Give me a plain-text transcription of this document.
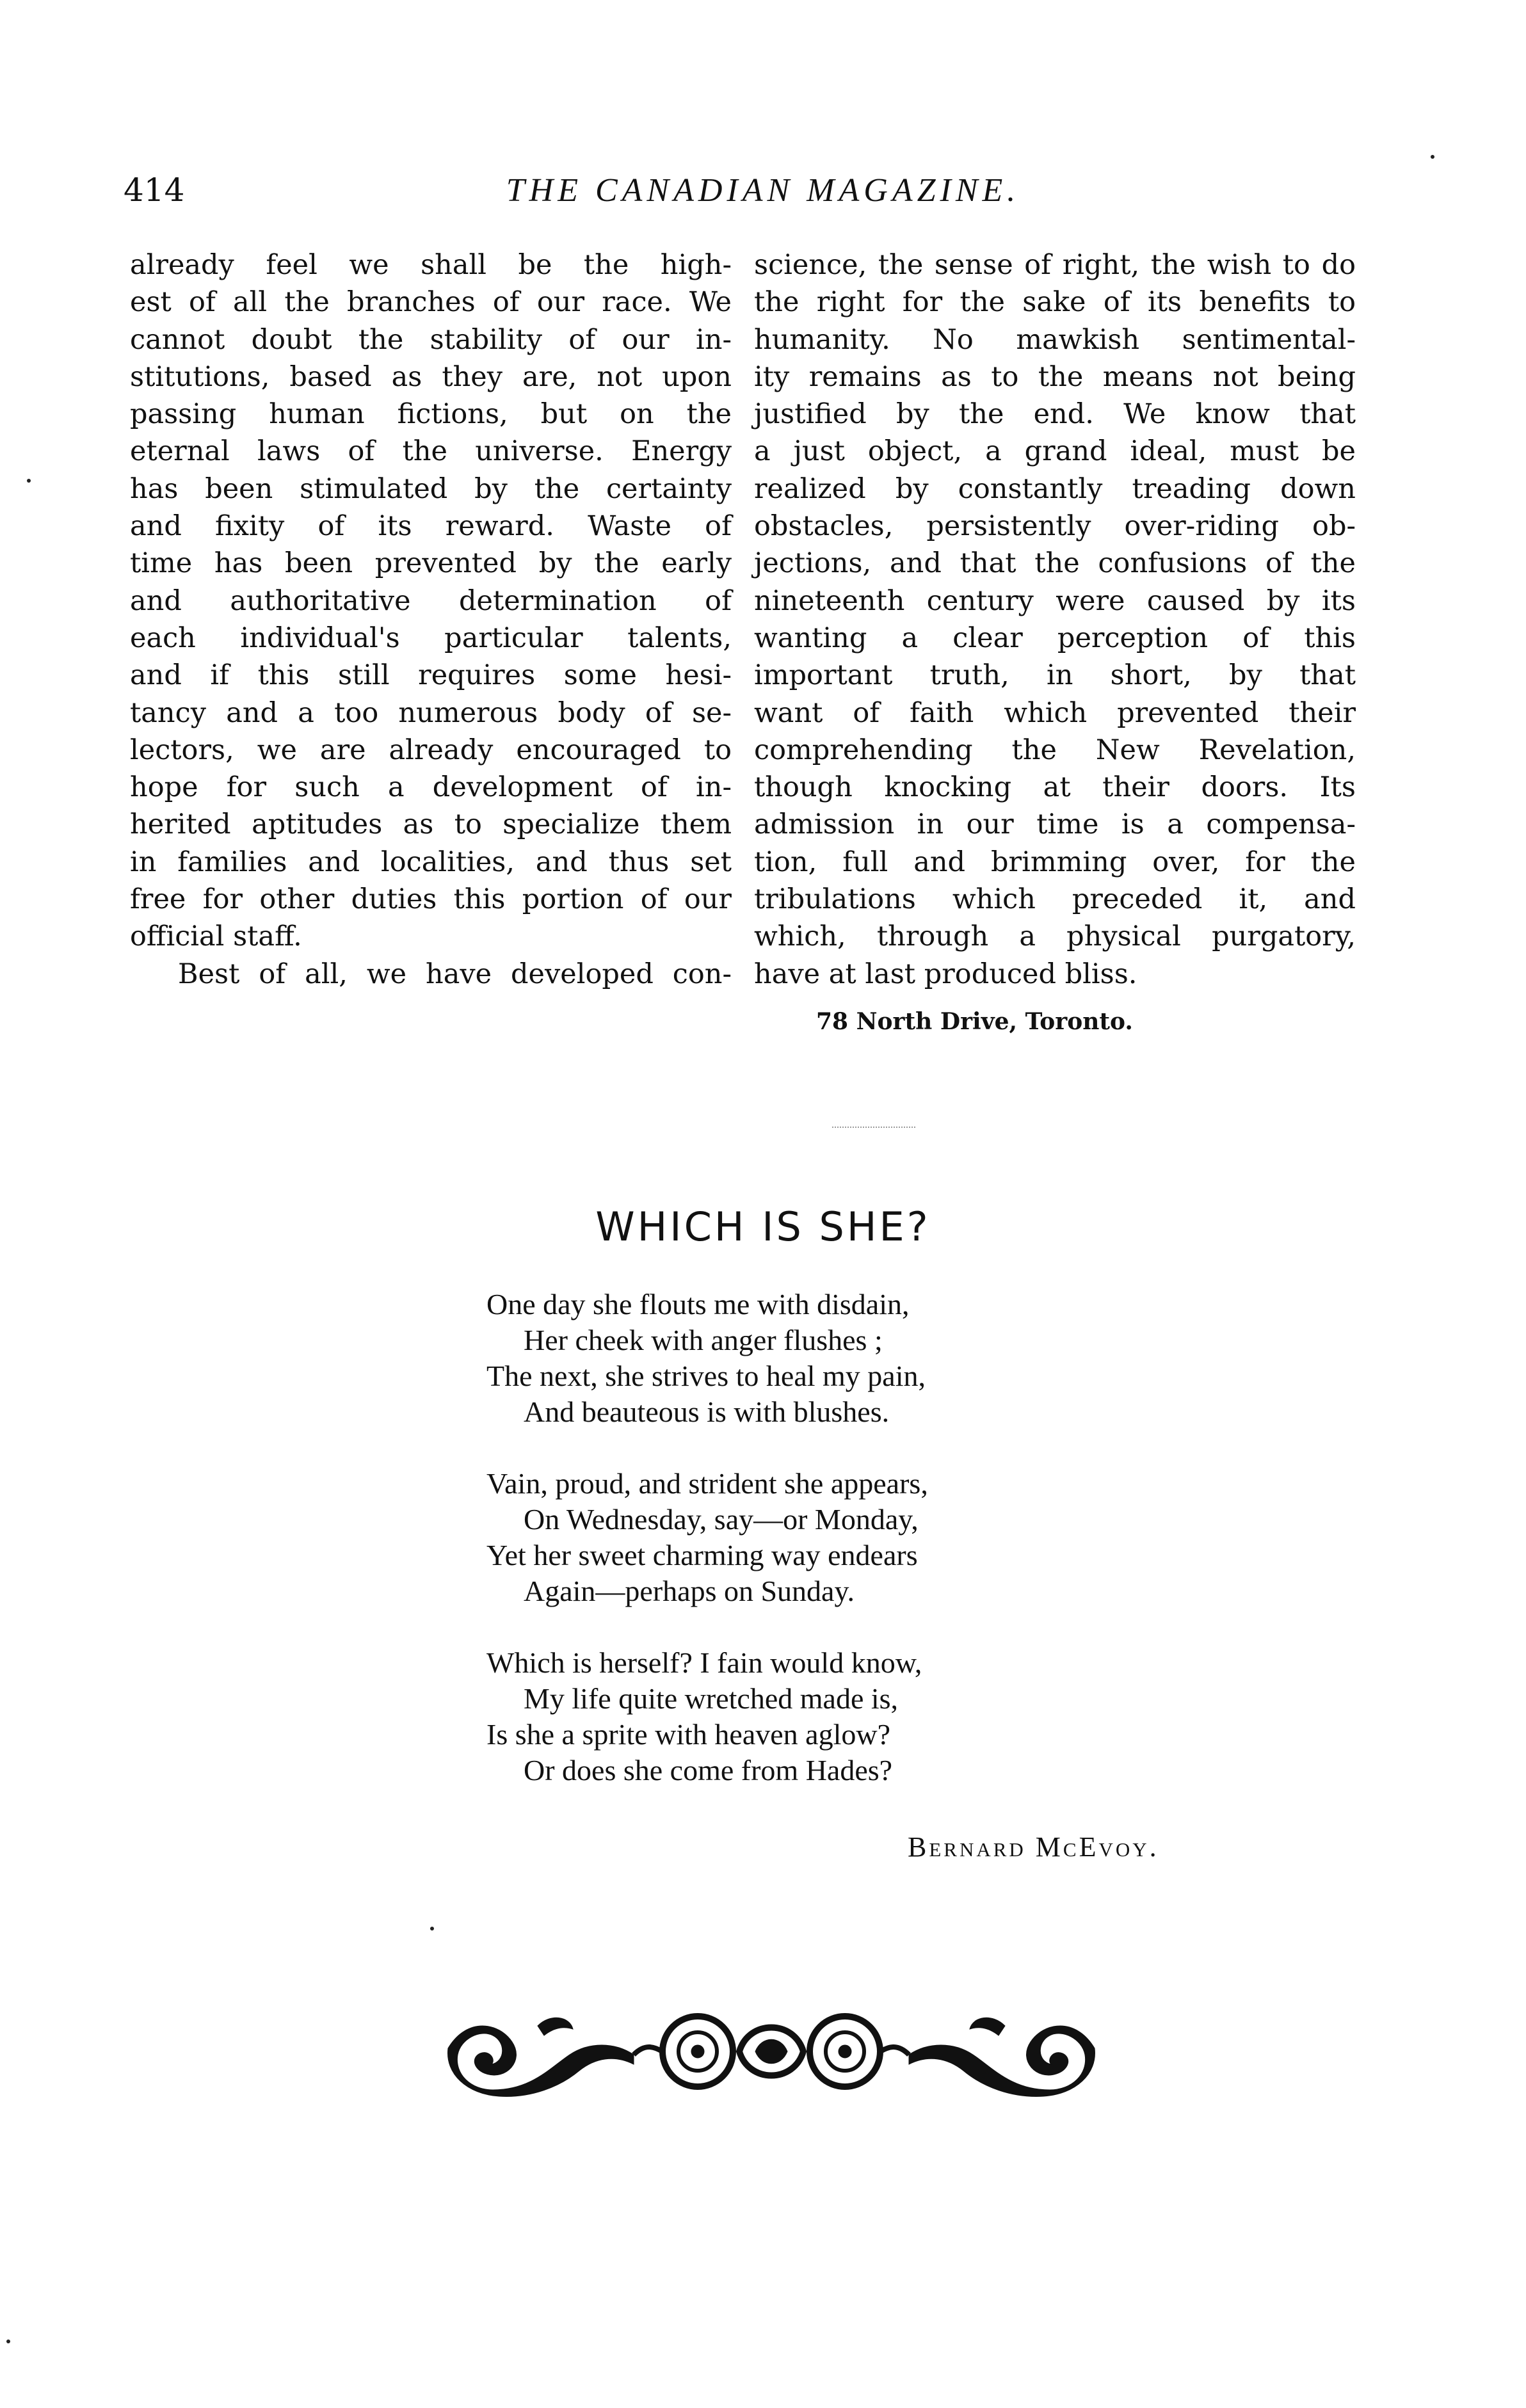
414	THE CANADIAN MAGAZINE.
already feel we shall be the high-
est of all the branches of our race. We
cannot doubt the stability of our in-
stitutions, based as they are, not upon
passing human fictions, but on the
eternal laws of the universe. Energy
has been stimulated by the certainty
and fixity of its reward. Waste of
time has been prevented by the early
and authoritative determination of
each individual's particular talents,
and if this still requires some hesi-
tancy and a too numerous body of se-
lectors, we are already encouraged to
hope for such a development of in-
herited aptitudes as to specialize them
in families and localities, and thus set
free for other duties this portion of our
official staff.
Best of all, we have developed con-
science, the sense of right, the wish to do
the right for the sake of its benefits to
humanity. No mawkish sentimental-
ity remains as to the means not being
justified by the end. We know that
a just object, a grand ideal, must be
realized by constantly treading down
obstacles, persistently over-riding ob-
jections, and that the confusions of the
nineteenth century were caused by its
wanting a clear perception of this
important truth, in short, by that
want of faith which prevented their
comprehending the New Revelation,
though knocking at their doors. Its
admission in our time is a compensa-
tion, full and brimming over, for the
tribulations which preceded it, and
which, through a physical purgatory,
have at last produced bliss.
78 North Drive, Toronto.
WHICH IS SHE?
One day she flouts me with disdain,
Her cheek with anger flushes ;
The next, she strives to heal my pain,
And beauteous is with blushes.
Vain, proud, and strident she appears,
On Wednesday, say—or Monday,
Yet her sweet charming way endears
Again—perhaps on Sunday.
Which is herself? I fain would know,
My life quite wretched made is,
Is she a sprite with heaven aglow?
Or does she come from Hades?
Bernard McEvoy.
